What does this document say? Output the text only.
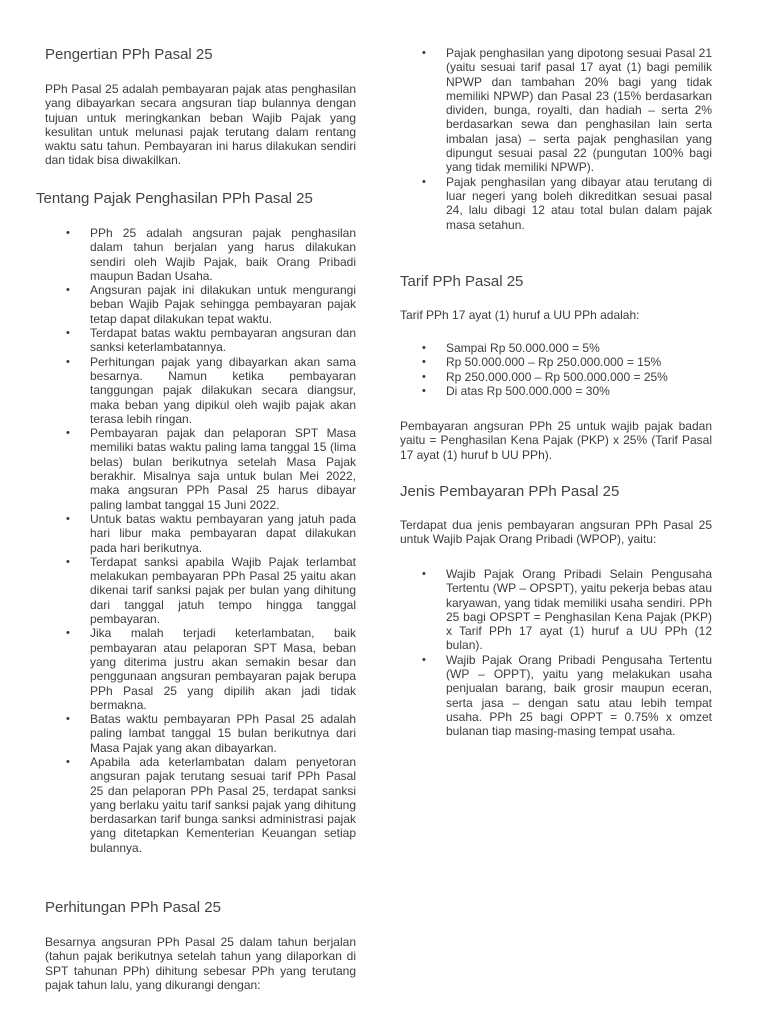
Pengertian PPh Pasal 25

PPh Pasal 25 adalah pembayaran pajak atas penghasilan yang dibayarkan secara angsuran tiap bulannya dengan tujuan untuk meringkankan beban Wajib Pajak yang kesulitan untuk melunasi pajak terutang dalam rentang waktu satu tahun. Pembayaran ini harus dilakukan sendiri dan tidak bisa diwakilkan.

Tentang Pajak Penghasilan PPh Pasal 25
• PPh 25 adalah angsuran pajak penghasilan dalam tahun berjalan yang harus dilakukan sendiri oleh Wajib Pajak, baik Orang Pribadi maupun Badan Usaha.
• Angsuran pajak ini dilakukan untuk mengurangi beban Wajib Pajak sehingga pembayaran pajak tetap dapat dilakukan tepat waktu.
• Terdapat batas waktu pembayaran angsuran dan sanksi keterlambatannya.
• Perhitungan pajak yang dibayarkan akan sama besarnya. Namun ketika pembayaran tanggungan pajak dilakukan secara diangsur, maka beban yang dipikul oleh wajib pajak akan terasa lebih ringan.
• Pembayaran pajak dan pelaporan SPT Masa memiliki batas waktu paling lama tanggal 15 (lima belas) bulan berikutnya setelah Masa Pajak berakhir. Misalnya saja untuk bulan Mei 2022, maka angsuran PPh Pasal 25 harus dibayar paling lambat tanggal 15 Juni 2022.
• Untuk batas waktu pembayaran yang jatuh pada hari libur maka pembayaran dapat dilakukan pada hari berikutnya.
• Terdapat sanksi apabila Wajib Pajak terlambat melakukan pembayaran PPh Pasal 25 yaitu akan dikenai tarif sanksi pajak per bulan yang dihitung dari tanggal jatuh tempo hingga tanggal pembayaran.
• Jika malah terjadi keterlambatan, baik pembayaran atau pelaporan SPT Masa, beban yang diterima justru akan semakin besar dan penggunaan angsuran pembayaran pajak berupa PPh Pasal 25 yang dipilih akan jadi tidak bermakna.
• Batas waktu pembayaran PPh Pasal 25 adalah paling lambat tanggal 15 bulan berikutnya dari Masa Pajak yang akan dibayarkan.
• Apabila ada keterlambatan dalam penyetoran angsuran pajak terutang sesuai tarif PPh Pasal 25 dan pelaporan PPh Pasal 25, terdapat sanksi yang berlaku yaitu tarif sanksi pajak yang dihitung berdasarkan tarif bunga sanksi administrasi pajak yang ditetapkan Kementerian Keuangan setiap bulannya.
Perhitungan PPh Pasal 25

Besarnya angsuran PPh Pasal 25 dalam tahun berjalan (tahun pajak berikutnya setelah tahun yang dilaporkan di SPT tahunan PPh) dihitung sebesar PPh yang terutang pajak tahun lalu, yang dikurangi dengan:

• Pajak penghasilan yang dipotong sesuai Pasal 21 (yaitu sesuai tarif pasal 17 ayat (1) bagi pemilik NPWP dan tambahan 20% bagi yang tidak memiliki NPWP) dan Pasal 23 (15% berdasarkan dividen, bunga, royalti, dan hadiah – serta 2% berdasarkan sewa dan penghasilan lain serta imbalan jasa) – serta pajak penghasilan yang dipungut sesuai pasal 22 (pungutan 100% bagi yang tidak memiliki NPWP).
• Pajak penghasilan yang dibayar atau terutang di luar negeri yang boleh dikreditkan sesuai pasal 24, lalu dibagi 12 atau total bulan dalam pajak masa setahun.
Tarif PPh Pasal 25

Tarif PPh 17 ayat (1) huruf a UU PPh adalah:

• Sampai Rp 50.000.000 = 5%
• Rp 50.000.000 – Rp 250.000.000 = 15%
• Rp 250.000.000 – Rp 500.000.000 = 25%
• Di atas Rp 500.000.000 = 30%

Pembayaran angsuran PPh 25 untuk wajib pajak badan yaitu = Penghasilan Kena Pajak (PKP) x 25% (Tarif Pasal 17 ayat (1) huruf b UU PPh).

Jenis Pembayaran PPh Pasal 25

Terdapat dua jenis pembayaran angsuran PPh Pasal 25 untuk Wajib Pajak Orang Pribadi (WPOP), yaitu:

• Wajib Pajak Orang Pribadi Selain Pengusaha Tertentu (WP – OPSPT), yaitu pekerja bebas atau karyawan, yang tidak memiliki usaha sendiri. PPh 25 bagi OPSPT = Penghasilan Kena Pajak (PKP) x Tarif PPh 17 ayat (1) huruf a UU PPh (12 bulan).
• Wajib Pajak Orang Pribadi Pengusaha Tertentu (WP – OPPT), yaitu yang melakukan usaha penjualan barang, baik grosir maupun eceran, serta jasa – dengan satu atau lebih tempat usaha. PPh 25 bagi OPPT = 0.75% x omzet bulanan tiap masing-masing tempat usaha.
